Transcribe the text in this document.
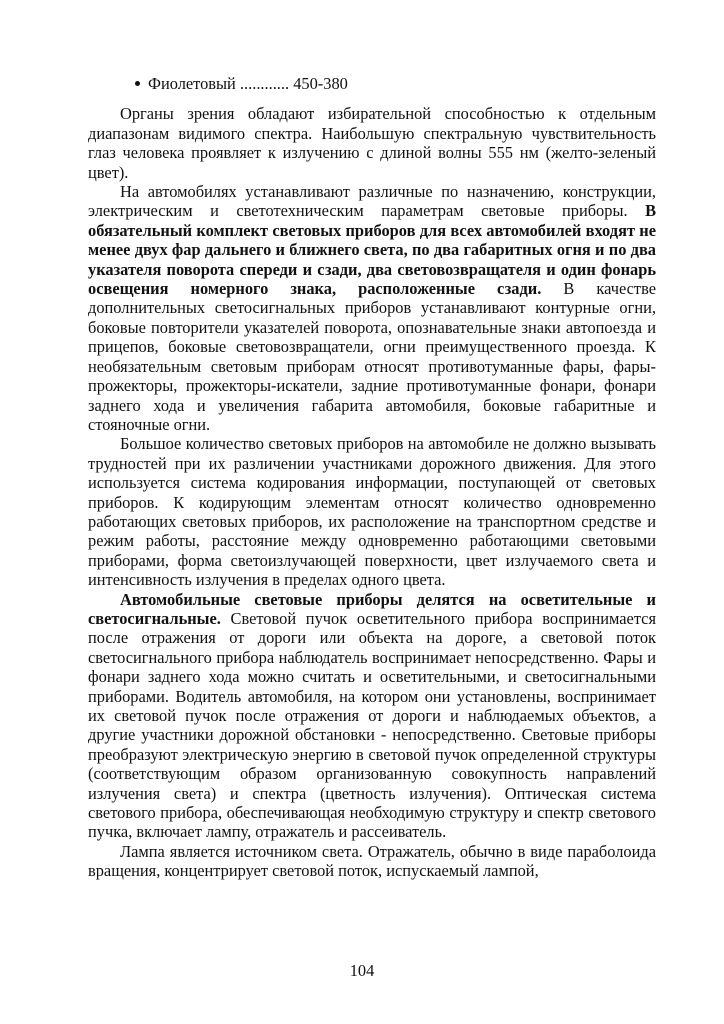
Фиолетовый ............ 450-380

Органы зрения обладают избирательной способностью к отдельным диапазонам видимого спектра. Наибольшую спектральную чувствительность глаз человека проявляет к излучению с длиной волны 555 нм (желто-зеленый цвет).

На автомобилях устанавливают различные по назначению, конструкции, электрическим и светотехническим параметрам световые приборы. В обязательный комплект световых приборов для всех автомобилей входят не менее двух фар дальнего и ближнего света, по два габаритных огня и по два указателя поворота спереди и сзади, два световозвращателя и один фонарь освещения номерного знака, расположенные сзади. В качестве дополнительных светосигнальных приборов устанавливают контурные огни, боковые повторители указателей поворота, опознавательные знаки автопоезда и прицепов, боковые световозвращатели, огни преимущественного проезда. К необязательным световым приборам относят противотуманные фары, фары-прожекторы, прожекторы-искатели, задние противотуманные фонари, фонари заднего хода и увеличения габарита автомобиля, боковые габаритные и стояночные огни.

Большое количество световых приборов на автомобиле не должно вызывать трудностей при их различении участниками дорожного движения. Для этого используется система кодирования информации, поступающей от световых приборов. К кодирующим элементам относят количество одновременно работающих световых приборов, их расположение на транспортном средстве и режим работы, расстояние между одновременно работающими световыми приборами, форма светоизлучающей поверхности, цвет излучаемого света и интенсивность излучения в пределах одного цвета.

Автомобильные световые приборы делятся на осветительные и светосигнальные. Световой пучок осветительного прибора воспринимается после отражения от дороги или объекта на дороге, а световой поток светосигнального прибора наблюдатель воспринимает непосредственно. Фары и фонари заднего хода можно считать и осветительными, и светосигнальными приборами. Водитель автомобиля, на котором они установлены, воспринимает их световой пучок после отражения от дороги и наблюдаемых объектов, а другие участники дорожной обстановки - непосредственно. Световые приборы преобразуют электрическую энергию в световой пучок определенной структуры (соответствующим образом организованную совокупность направлений излучения света) и спектра (цветность излучения). Оптическая система светового прибора, обеспечивающая необходимую структуру и спектр светового пучка, включает лампу, отражатель и рассеиватель.

Лампа является источником света. Отражатель, обычно в виде параболоида вращения, концентрирует световой поток, испускаемый лампой,

104
